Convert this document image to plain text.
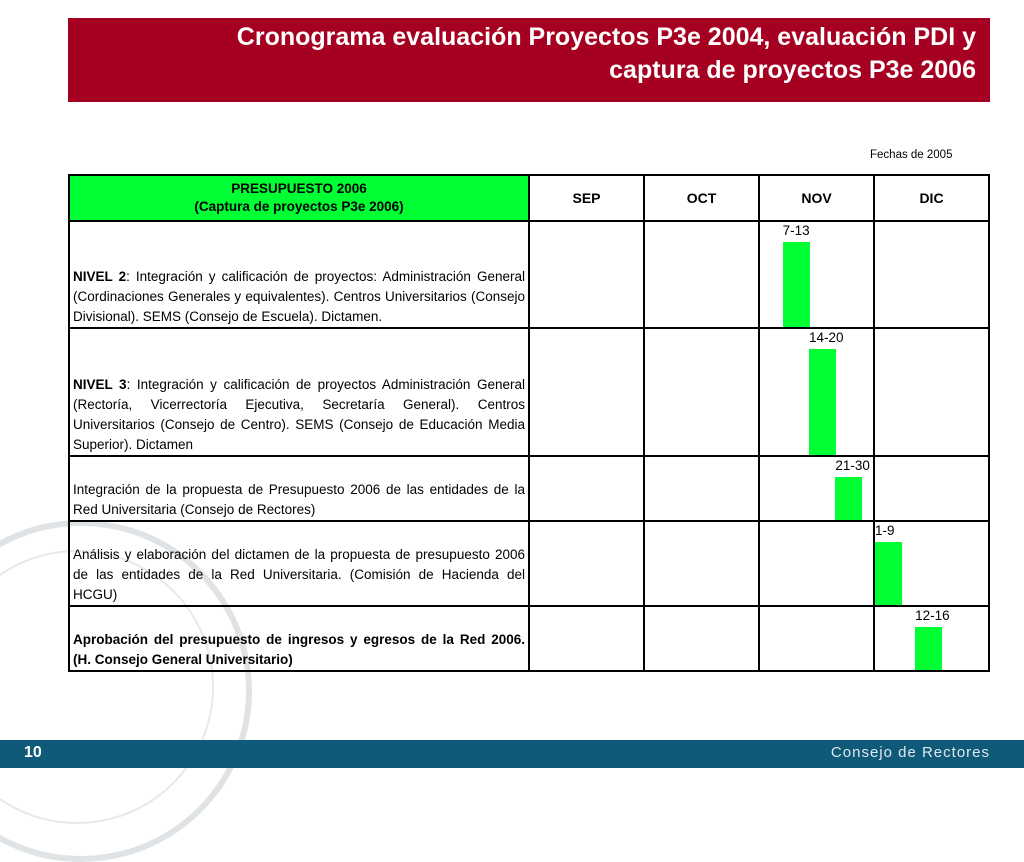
Cronograma evaluación Proyectos P3e 2004, evaluación PDI y
captura de proyectos P3e 2006
Fechas de 2005
PRESUPUESTO 2006
(Captura de proyectos P3e 2006)	SEP	OCT	NOV	DIC
NIVEL 2: Integración y calificación de proyectos: Administración General (Cordinaciones Generales y equivalentes). Centros Universitarios (Consejo Divisional). SEMS (Consejo de Escuela). Dictamen.			7-13	

NIVEL 3: Integración y calificación de proyectos Administración General (Rectoría, Vicerrectoría Ejecutiva, Secretaría General). Centros Universitarios (Consejo de Centro). SEMS (Consejo de Educación Media Superior). Dictamen			14-20	

Integración de la propuesta de Presupuesto 2006 de las entidades de la Red Universitaria (Consejo de Rectores)			21-30	

Análisis y elaboración del dictamen de la propuesta de presupuesto 2006 de las entidades de la Red Universitaria. (Comisión de Hacienda del HCGU)				1-9

Aprobación del presupuesto de ingresos y egresos de la Red 2006. (H. Consejo General Universitario)				12-16
10	Consejo de Rectores
